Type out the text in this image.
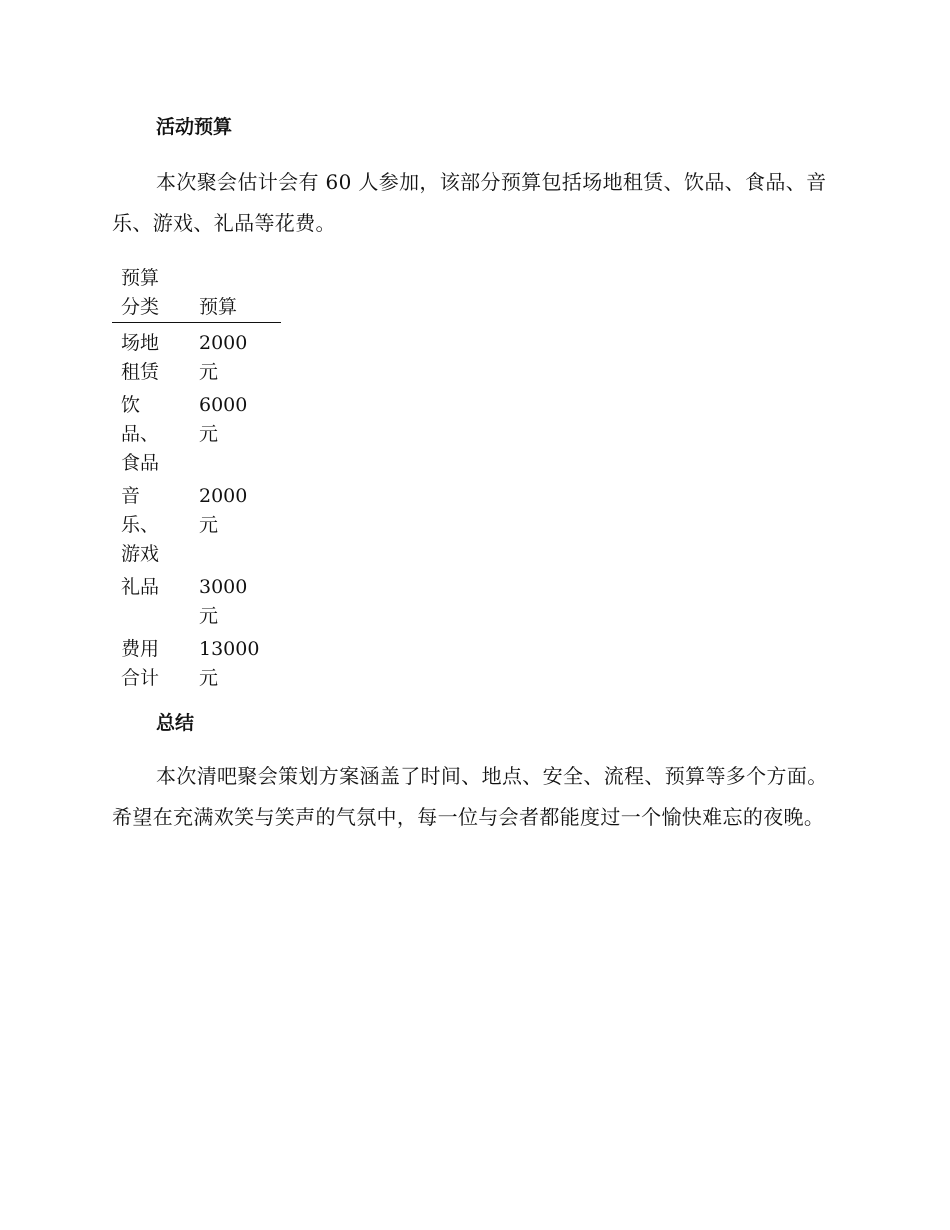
活动预算

本次聚会估计会有 60 人参加，该部分预算包括场地租赁、饮品、食品、音乐、游戏、礼品等花费。

预算分类	预算
场地租赁	2000 元
饮品、食品	6000 元
音乐、游戏	2000 元
礼品	3000 元
费用合计	13000 元
总结

本次清吧聚会策划方案涵盖了时间、地点、安全、流程、预算等多个方面。希望在充满欢笑与笑声的气氛中，每一位与会者都能度过一个愉快难忘的夜晚。
